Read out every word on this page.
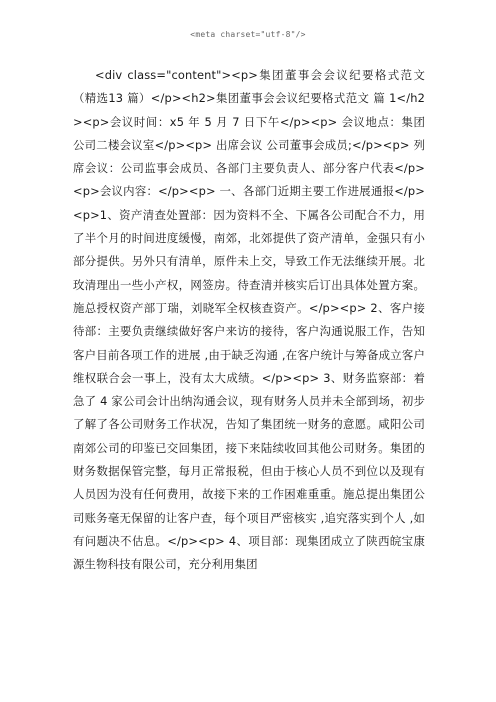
<meta charset="utf-8"/>
<div class="content"><p>集团董事会会议纪要格式范文（精选13 篇）</p><h2>集团董事会会议纪要格式范文 篇 1</h2><p>会议时间：x5 年 5 月 7 日下午</p><p> 会议地点：集团公司二楼会议室</p><p> 出席会议 公司董事会成员;</p><p> 列席会议：公司监事会成员、各部门主要负责人、部分客户代表</p><p>会议内容：</p><p> 一、各部门近期主要工作进展通报</p><p>1、资产清查处置部：因为资料不全、下属各公司配合不力，用了半个月的时间进度缓慢，南郊，北郊提供了资产清单，金强只有小部分提供。另外只有清单，原件未上交，导致工作无法继续开展。北玫清理出一些小产权，网签房。待查清并核实后订出具体处置方案。施总授权资产部丁瑞，刘晓军全权核查资产。</p><p> 2、客户接待部：主要负责继续做好客户来访的接待，客户沟通说服工作，告知客户目前各项工作的进展 ,由于缺乏沟通 ,在客户统计与筹备成立客户维权联合会一事上，没有太大成绩。</p><p> 3、财务监察部：着急了 4 家公司会计出纳沟通会议，现有财务人员并未全部到场，初步了解了各公司财务工作状况，告知了集团统一财务的意愿。咸阳公司南郊公司的印鉴已交回集团，接下来陆续收回其他公司财务。集团的财务数据保管完整，每月正常报税，但由于核心人员不到位以及现有人员因为没有任何费用，故接下来的工作困难重重。施总提出集团公司账务毫无保留的让客户查，每个项目严密核实 ,追究落实到个人 ,如有问题决不估息。</p><p> 4、项目部：现集团成立了陕西皖宝康源生物科技有限公司，充分利用集团
